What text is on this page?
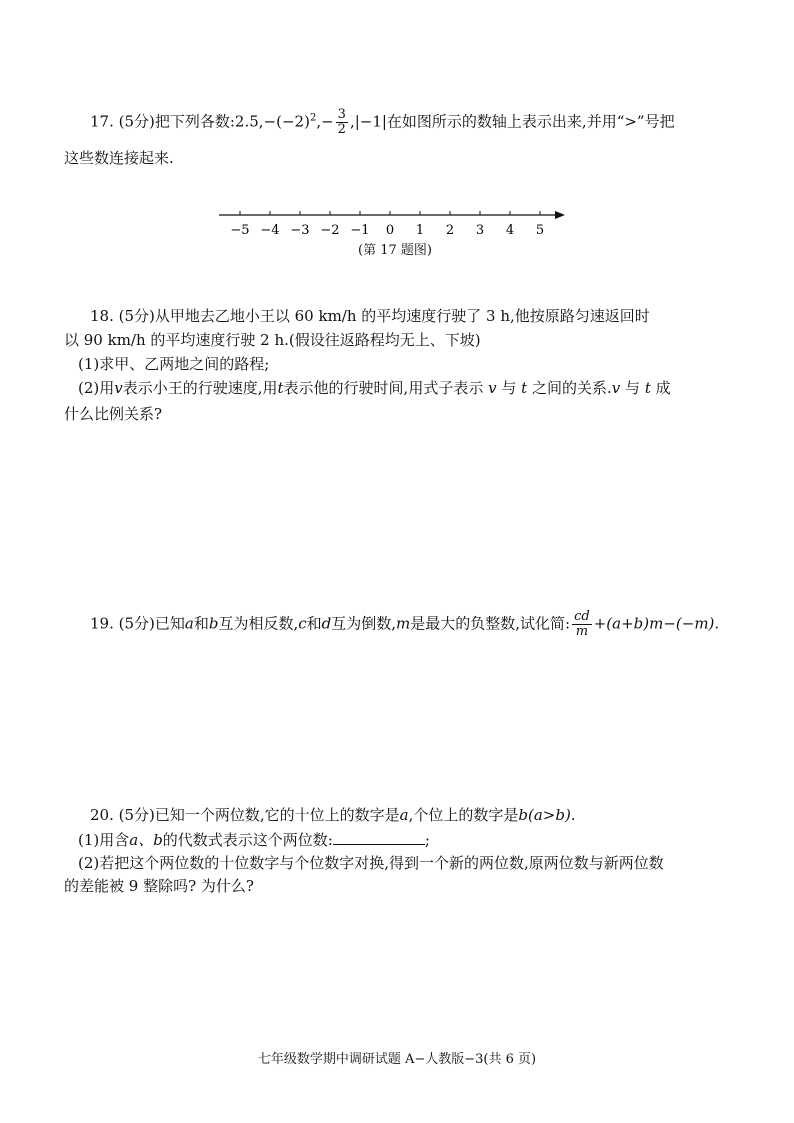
17. (5分)把下列各数$:2.5,-(-2)^2,- \frac{3}{2} ,|-1|$在如图所示的数轴上表示出来,并用“>”号把
这些数连接起来.
−5 −4 −3 −2 −1 0 1 2 3 4 5
(第 17 题图)
18. (5分)从甲地去乙地小王以 60 km/h 的平均速度行驶了 3 h,他按原路匀速返回时
以 90 km/h 的平均速度行驶 2 h.(假设往返路程均无上、下坡)
(1)求甲、乙两地之间的路程;
(2)用v表示小王的行驶速度,用t表示他的行驶时间,用式子表示 v 与 t 之间的关系.v 与 t 成
什么比例关系?
19. (5分)已知a和b互为相反数,c和d互为倒数,m是最大的负整数,试化简: $\frac{cd}{m} +(a+b)m-(-m)$.
20. (5分)已知一个两位数,它的十位上的数字是a,个位上的数字是b(a>b).
(1)用含a、b的代数式表示这个两位数:	;
(2)若把这个两位数的十位数字与个位数字对换,得到一个新的两位数,原两位数与新两位数
的差能被 9 整除吗? 为什么?
七年级数学期中调研试题 A−人教版−3(共 6 页)
